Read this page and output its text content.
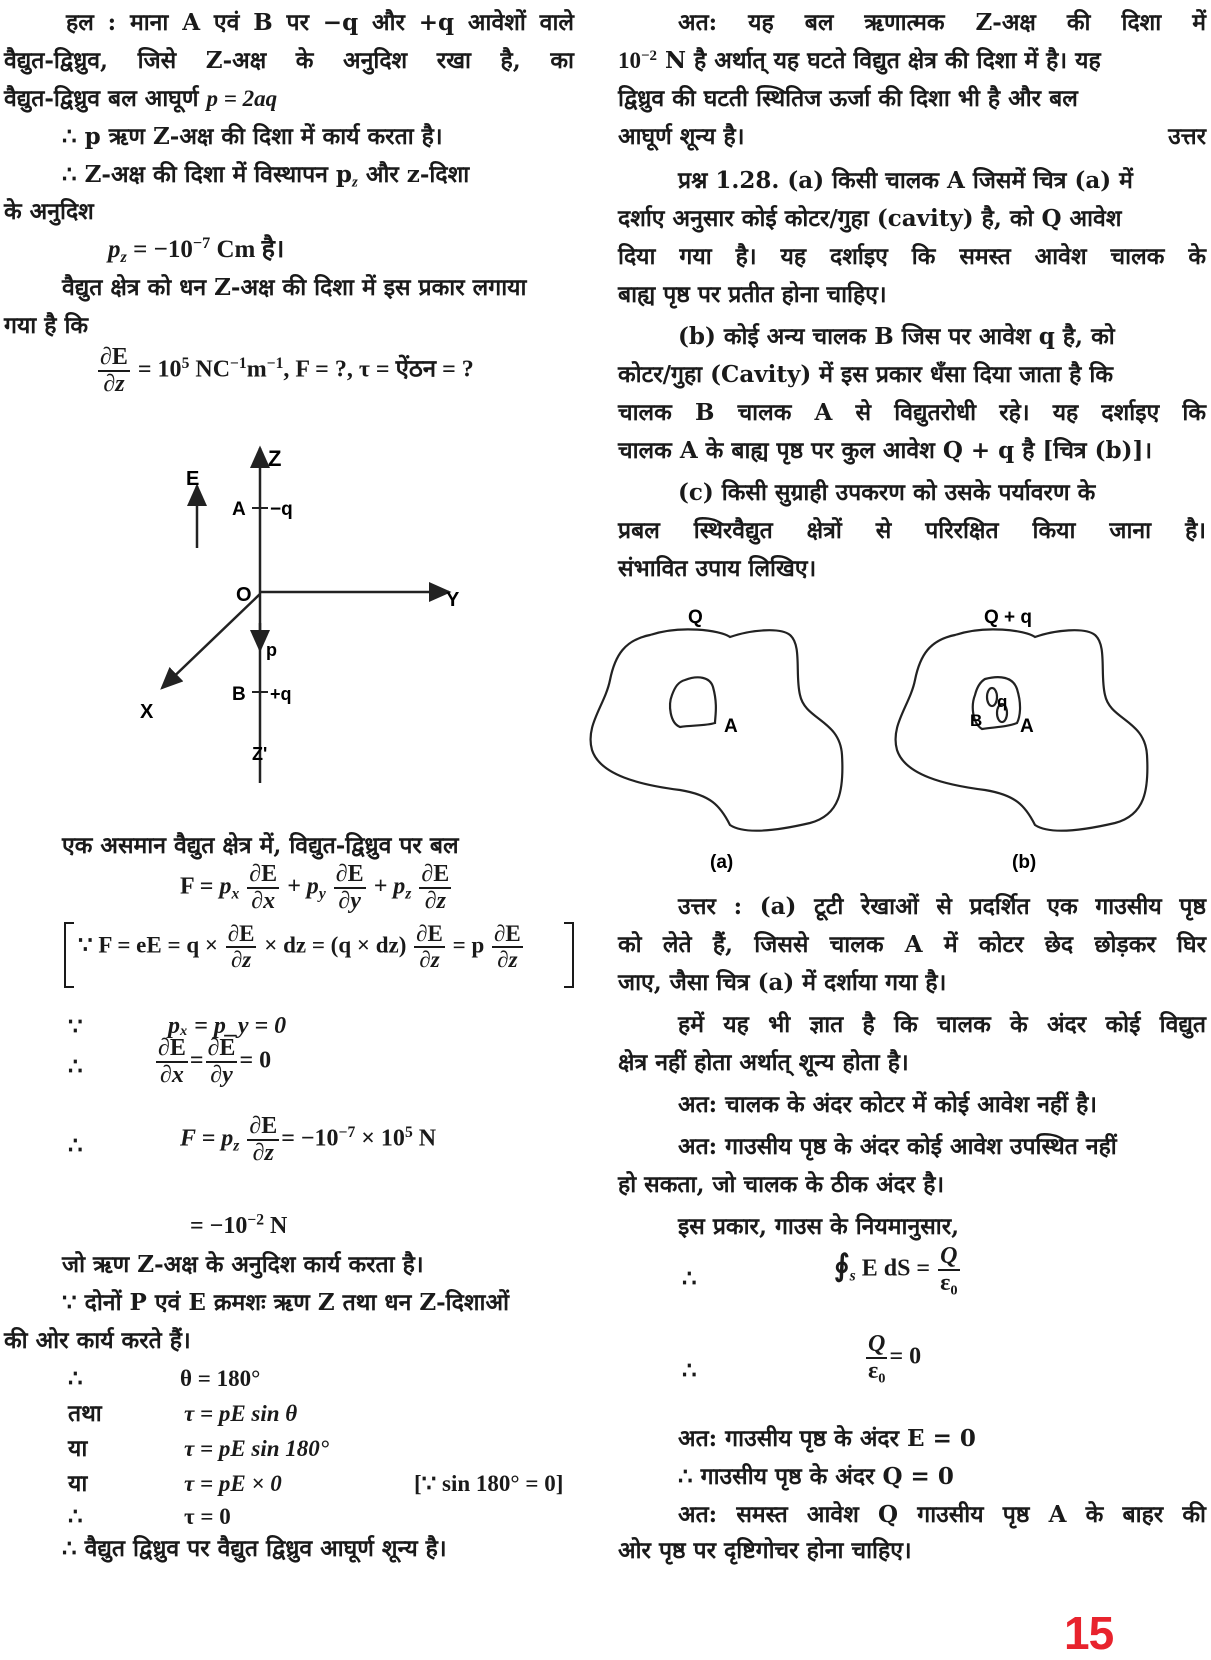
हल : माना A एवं B पर −q और +q आवेशों वाले
वैद्युत-द्विध्रुव, जिसे Z-अक्ष के अनुदिश रखा है, का
वैद्युत-द्विध्रुव बल आघूर्ण p = 2aq
∴ p ऋण Z-अक्ष की दिशा में कार्य करता है।
∴ Z-अक्ष की दिशा में विस्थापन $p_z$ और z-दिशा
के अनुदिश
$p_z = -10^{-7}$ Cm है।
वैद्युत क्षेत्र को धन Z-अक्ष की दिशा में इस प्रकार लगाया
गया है कि
$\frac{\partial E}{\partial z} = 10^5$ $NC^{-1}m^{-1}$, F = ?, τ = ऐंठन = ?
Z
E
A −q
O	Y
p
B +q
X
Z'
एक असमान वैद्युत क्षेत्र में, विद्युत-द्विध्रुव पर बल
$F = p_x \frac{\partial E}{\partial x} + p_y \frac{\partial E}{\partial y} + p_z \frac{\partial E}{\partial z}$
∵ F = eE = $q \times \frac{\partial E}{\partial z}$ × dz = $(q \times dz) \frac{\partial E}{\partial z} = p \frac{\partial E}{\partial z}$
∵	pₓ = p_y = 0
∴	$\frac{\partial E}{\partial x} = \frac{\partial E}{\partial y} = 0$
∴	$F = p_z \frac{\partial E}{\partial z} = -10^{-7} \times 10^5$ N
= $-10^{-2}$ N
जो ऋण Z-अक्ष के अनुदिश कार्य करता है।
∵ दोनों P एवं E क्रमशः ऋण Z तथा धन Z-दिशाओं
की ओर कार्य करते हैं।
∴	θ = 180°
तथा	τ = pE sin θ
या	τ = pE sin 180°
या	τ = pE × 0	[∵ sin 180° = 0]
∴	τ = 0
∴ वैद्युत द्विध्रुव पर वैद्युत द्विध्रुव आघूर्ण शून्य है।
अत: यह बल ऋणात्मक Z-अक्ष की दिशा में
$10^{-2}$ N है अर्थात् यह घटते विद्युत क्षेत्र की दिशा में है। यह
द्विध्रुव की घटती स्थितिज ऊर्जा की दिशा भी है और बल
आघूर्ण शून्य है।	उत्तर
प्रश्न 1.28. (a) किसी चालक A जिसमें चित्र (a) में
दर्शाए अनुसार कोई कोटर/गुहा (cavity) है, को Q आवेश
दिया गया है। यह दर्शाइए कि समस्त आवेश चालक के
बाह्य पृष्ठ पर प्रतीत होना चाहिए।
(b) कोई अन्य चालक B जिस पर आवेश q है, को
कोटर/गुहा (Cavity) में इस प्रकार धँसा दिया जाता है कि
चालक B चालक A से विद्युतरोधी रहे। यह दर्शाइए कि
चालक A के बाह्य पृष्ठ पर कुल आवेश Q + q है [चित्र (b)]।
(c) किसी सुग्राही उपकरण को उसके पर्यावरण के
प्रबल स्थिरवैद्युत क्षेत्रों से परिरक्षित किया जाना है।
संभावित उपाय लिखिए।
Q
A
(a)
Q + q
q
B A
(b)
उत्तर : (a) टूटी रेखाओं से प्रदर्शित एक गाउसीय पृष्ठ
को लेते हैं, जिससे चालक A में कोटर छेद छोड़कर घिर
जाए, जैसा चित्र (a) में दर्शाया गया है।
हमें यह भी ज्ञात है कि चालक के अंदर कोई विद्युत
क्षेत्र नहीं होता अर्थात् शून्य होता है।
अत: चालक के अंदर कोटर में कोई आवेश नहीं है।
अत: गाउसीय पृष्ठ के अंदर कोई आवेश उपस्थित नहीं
हो सकता, जो चालक के ठीक अंदर है।
इस प्रकार, गाउस के नियमानुसार,
∴	$∮_s$ E dS = $\frac{Q}{\text{ε₀}}$
∴	$\frac{Q}{\text{ε₀}} = 0$
अत: गाउसीय पृष्ठ के अंदर E = 0
∴ गाउसीय पृष्ठ के अंदर Q = 0
अत: समस्त आवेश Q गाउसीय पृष्ठ A के बाहर की
ओर पृष्ठ पर दृष्टिगोचर होना चाहिए।
15
